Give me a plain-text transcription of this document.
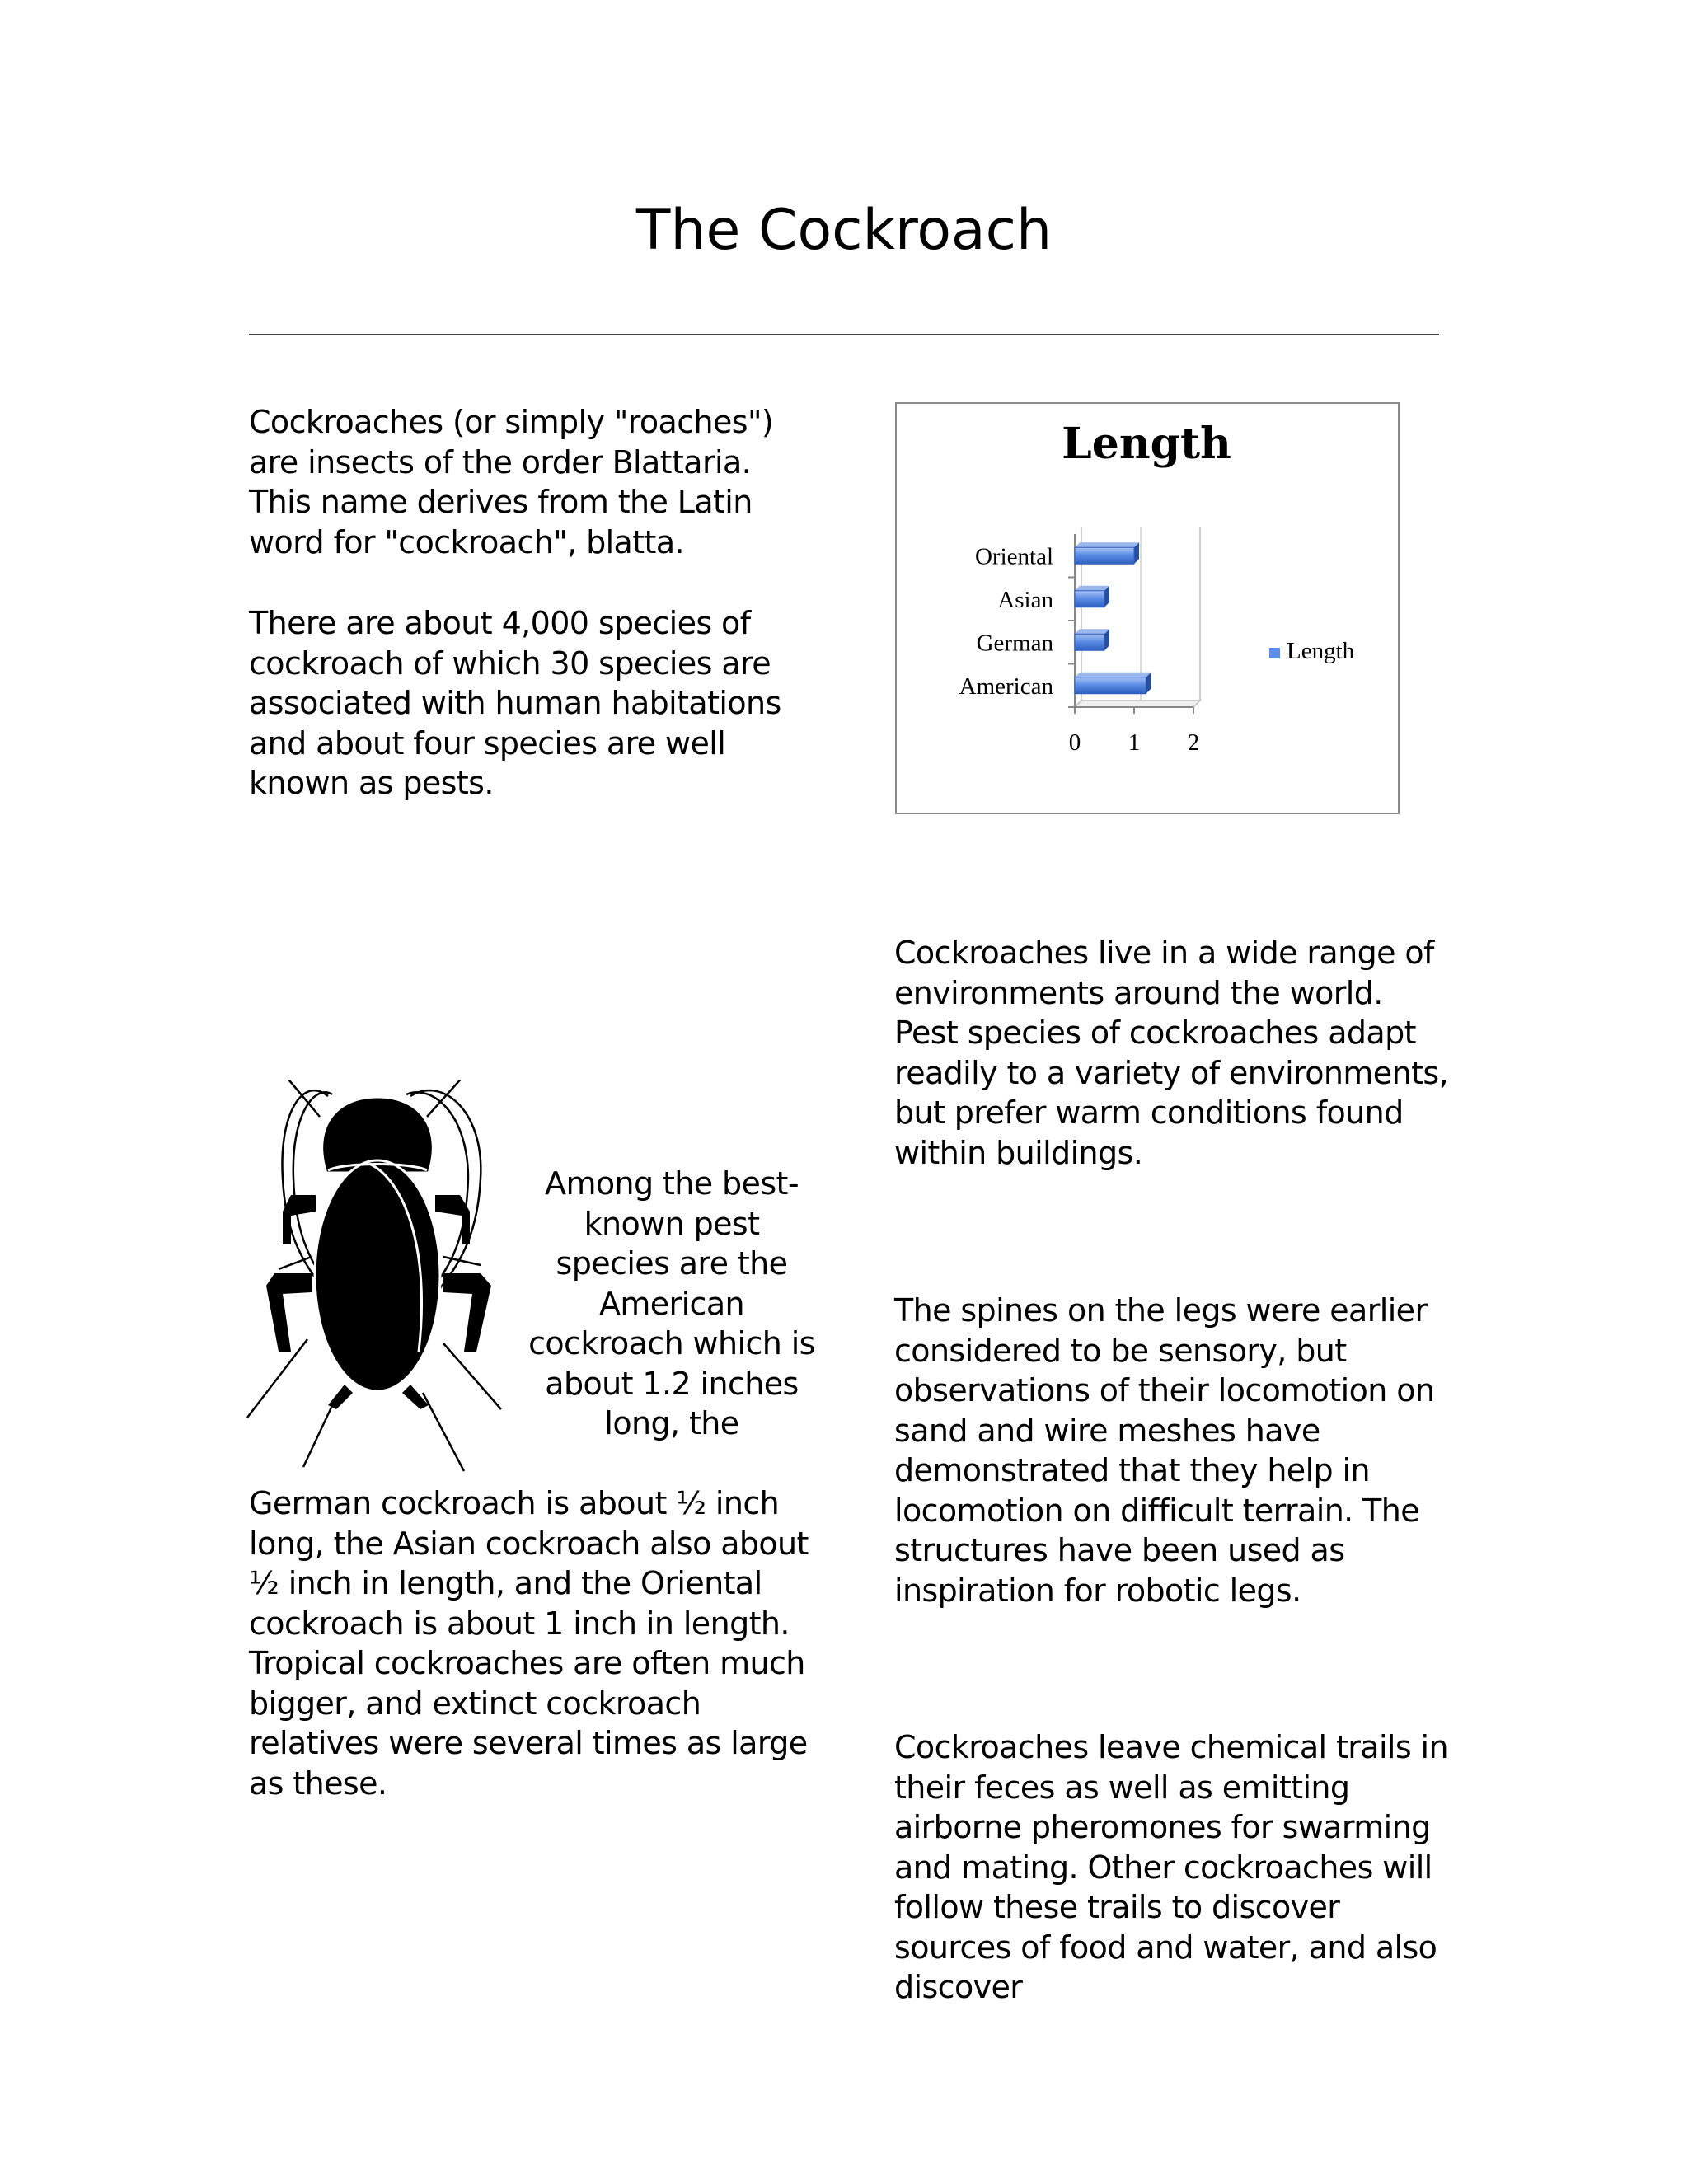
The Cockroach

Cockroaches (or simply "roaches") are insects of the order Blattaria. This name derives from the Latin word for "cockroach", blatta.

There are about 4,000 species of cockroach of which 30 species are associated with human habitations and about four species are well known as pests.

Length
0 1 2
American
German
Asian
Oriental
Length

Among the best-known pest species are the American cockroach which is about 1.2 inches long, the

German cockroach is about ½ inch long, the Asian cockroach also about ½ inch in length, and the Oriental cockroach is about 1 inch in length. Tropical cockroaches are often much bigger, and extinct cockroach relatives were several times as large as these.

Cockroaches live in a wide range of environments around the world. Pest species of cockroaches adapt readily to a variety of environments, but prefer warm conditions found within buildings.

The spines on the legs were earlier considered to be sensory, but observations of their locomotion on sand and wire meshes have demonstrated that they help in locomotion on difficult terrain. The structures have been used as inspiration for robotic legs.

Cockroaches leave chemical trails in their feces as well as emitting airborne pheromones for swarming and mating. Other cockroaches will follow these trails to discover sources of food and water, and also discover
